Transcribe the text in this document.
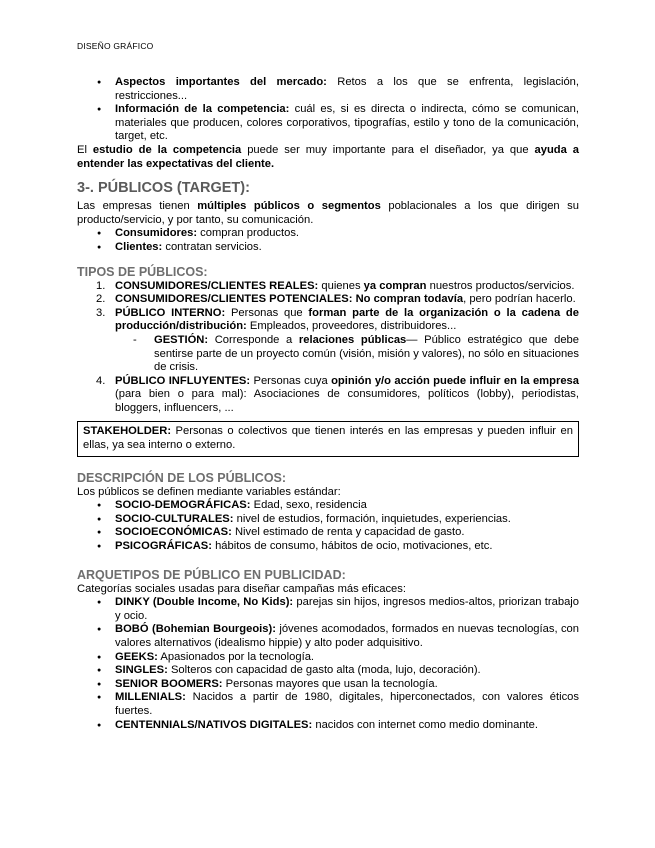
DISEÑO GRÁFICO
● Aspectos importantes del mercado: Retos a los que se enfrenta, legislación, restricciones...
● Información de la competencia: cuál es, si es directa o indirecta, cómo se comunican, materiales que producen, colores corporativos, tipografías, estilo y tono de la comunicación, target, etc.

El estudio de la competencia puede ser muy importante para el diseñador, ya que ayuda a entender las expectativas del cliente.

3-. PÚBLICOS (TARGET):

Las empresas tienen múltiples públicos o segmentos poblacionales a los que dirigen su producto/servicio, y por tanto, su comunicación.

● Consumidores: compran productos.
● Clientes: contratan servicios.
TIPOS DE PÚBLICOS:
1. CONSUMIDORES/CLIENTES REALES: quienes ya compran nuestros productos/servicios.
2. CONSUMIDORES/CLIENTES POTENCIALES: No compran todavía, pero podrían hacerlo.
3. PÚBLICO INTERNO: Personas que forman parte de la organización o la cadena de producción/distribución: Empleados, proveedores, distribuidores...
- GESTIÓN: Corresponde a relaciones públicas— Público estratégico que debe sentirse parte de un proyecto común (visión, misión y valores), no sólo en situaciones de crisis.
4. PÚBLICO INFLUYENTES: Personas cuya opinión y/o acción puede influir en la empresa (para bien o para mal): Asociaciones de consumidores, políticos (lobby), periodistas, bloggers, influencers, ...
STAKEHOLDER: Personas o colectivos que tienen interés en las empresas y pueden influir en ellas, ya sea interno o externo.
DESCRIPCIÓN DE LOS PÚBLICOS:

Los públicos se definen mediante variables estándar:

● SOCIO-DEMOGRÁFICAS: Edad, sexo, residencia
● SOCIO-CULTURALES: nivel de estudios, formación, inquietudes, experiencias.
● SOCIOECONÓMICAS: Nivel estimado de renta y capacidad de gasto.
● PSICOGRÁFICAS: hábitos de consumo, hábitos de ocio, motivaciones, etc.
ARQUETIPOS DE PÚBLICO EN PUBLICIDAD:

Categorías sociales usadas para diseñar campañas más eficaces:

● DINKY (Double Income, No Kids): parejas sin hijos, ingresos medios-altos, priorizan trabajo y ocio.
● BOBÓ (Bohemian Bourgeois): jóvenes acomodados, formados en nuevas tecnologías, con valores alternativos (idealismo hippie) y alto poder adquisitivo.
● GEEKS: Apasionados por la tecnología.
● SINGLES: Solteros con capacidad de gasto alta (moda, lujo, decoración).
● SENIOR BOOMERS: Personas mayores que usan la tecnología.
● MILLENIALS: Nacidos a partir de 1980, digitales, hiperconectados, con valores éticos fuertes.
● CENTENNIALS/NATIVOS DIGITALES: nacidos con internet como medio dominante.
